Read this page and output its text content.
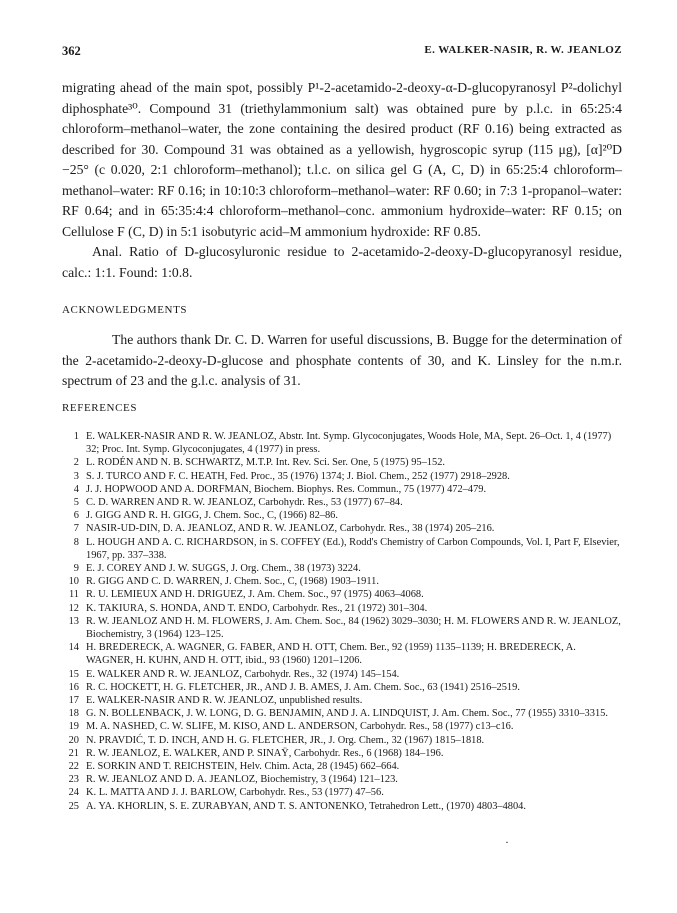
362	E. WALKER-NASIR, R. W. JEANLOZ

migrating ahead of the main spot, possibly P¹-2-acetamido-2-deoxy-α-D-glucopyranosyl P²-dolichyl diphosphate³⁰. Compound 31 (triethylammonium salt) was obtained pure by p.l.c. in 65:25:4 chloroform–methanol–water, the zone containing the desired product (RF 0.16) being extracted as described for 30. Compound 31 was obtained as a yellowish, hygroscopic syrup (115 μg), [α]²⁰D −25° (c 0.020, 2:1 chloroform–methanol); t.l.c. on silica gel G (A, C, D) in 65:25:4 chloroform–methanol–water: RF 0.16; in 10:10:3 chloroform–methanol–water: RF 0.60; in 7:3 1-propanol–water: RF 0.64; and in 65:35:4:4 chloroform–methanol–conc. ammonium hydroxide–water: RF 0.15; on Cellulose F (C, D) in 5:1 isobutyric acid–M ammonium hydroxide: RF 0.85.

Anal. Ratio of D-glucosyluronic residue to 2-acetamido-2-deoxy-D-glucopyranosyl residue, calc.: 1:1. Found: 1:0.8.

ACKNOWLEDGMENTS

The authors thank Dr. C. D. Warren for useful discussions, B. Bugge for the determination of the 2-acetamido-2-deoxy-D-glucose and phosphate contents of 30, and K. Linsley for the n.m.r. spectrum of 23 and the g.l.c. analysis of 31.

REFERENCES
1 E. WALKER-NASIR AND R. W. JEANLOZ, Abstr. Int. Symp. Glycoconjugates, Woods Hole, MA, Sept. 26–Oct. 1, 4 (1977) 32; Proc. Int. Symp. Glycoconjugates, 4 (1977) in press.
2 L. RODÉN AND N. B. SCHWARTZ, M.T.P. Int. Rev. Sci. Ser. One, 5 (1975) 95–152.
3 S. J. TURCO AND F. C. HEATH, Fed. Proc., 35 (1976) 1374; J. Biol. Chem., 252 (1977) 2918–2928.
4 J. J. HOPWOOD AND A. DORFMAN, Biochem. Biophys. Res. Commun., 75 (1977) 472–479.
5 C. D. WARREN AND R. W. JEANLOZ, Carbohydr. Res., 53 (1977) 67–84.
6 J. GIGG AND R. H. GIGG, J. Chem. Soc., C, (1966) 82–86.
7 NASIR-UD-DIN, D. A. JEANLOZ, AND R. W. JEANLOZ, Carbohydr. Res., 38 (1974) 205–216.
8 L. HOUGH AND A. C. RICHARDSON, in S. COFFEY (Ed.), Rodd's Chemistry of Carbon Compounds, Vol. I, Part F, Elsevier, 1967, pp. 337–338.
9 E. J. COREY AND J. W. SUGGS, J. Org. Chem., 38 (1973) 3224.
10 R. GIGG AND C. D. WARREN, J. Chem. Soc., C, (1968) 1903–1911.
11 R. U. LEMIEUX AND H. DRIGUEZ, J. Am. Chem. Soc., 97 (1975) 4063–4068.
12 K. TAKIURA, S. HONDA, AND T. ENDO, Carbohydr. Res., 21 (1972) 301–304.
13 R. W. JEANLOZ AND H. M. FLOWERS, J. Am. Chem. Soc., 84 (1962) 3029–3030; H. M. FLOWERS AND R. W. JEANLOZ, Biochemistry, 3 (1964) 123–125.
14 H. BREDERECK, A. WAGNER, G. FABER, AND H. OTT, Chem. Ber., 92 (1959) 1135–1139; H. BREDERECK, A. WAGNER, H. KUHN, AND H. OTT, ibid., 93 (1960) 1201–1206.
15 E. WALKER AND R. W. JEANLOZ, Carbohydr. Res., 32 (1974) 145–154.
16 R. C. HOCKETT, H. G. FLETCHER, JR., AND J. B. AMES, J. Am. Chem. Soc., 63 (1941) 2516–2519.
17 E. WALKER-NASIR AND R. W. JEANLOZ, unpublished results.
18 G. N. BOLLENBACK, J. W. LONG, D. G. BENJAMIN, AND J. A. LINDQUIST, J. Am. Chem. Soc., 77 (1955) 3310–3315.
19 M. A. NASHED, C. W. SLIFE, M. KISO, AND L. ANDERSON, Carbohydr. Res., 58 (1977) c13–c16.
20 N. PRAVDIĆ, T. D. INCH, AND H. G. FLETCHER, JR., J. Org. Chem., 32 (1967) 1815–1818.
21 R. W. JEANLOZ, E. WALKER, AND P. SINAŸ, Carbohydr. Res., 6 (1968) 184–196.
22 E. SORKIN AND T. REICHSTEIN, Helv. Chim. Acta, 28 (1945) 662–664.
23 R. W. JEANLOZ AND D. A. JEANLOZ, Biochemistry, 3 (1964) 121–123.
24 K. L. MATTA AND J. J. BARLOW, Carbohydr. Res., 53 (1977) 47–56.
25 A. YA. KHORLIN, S. E. ZURABYAN, AND T. S. ANTONENKO, Tetrahedron Lett., (1970) 4803–4804.
·
